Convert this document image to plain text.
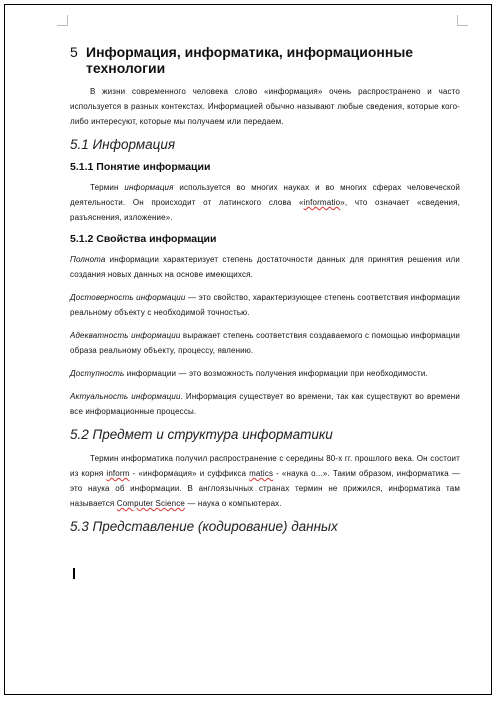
5 Информация, информатика, информационные технологии

В жизни современного человека слово «информация» очень распространено и часто используется в разных контекстах. Информацией обычно называют любые сведения, которые кого-либо интересуют, которые мы получаем или передаем.

5.1 Информация
5.1.1 Понятие информации

Термин информация используется во многих науках и во многих сферах человеческой деятельности. Он происходит от латинского слова «informatio», что означает «сведения, разъяснения, изложение».

5.1.2 Свойства информации

Полнота информации характеризует степень достаточности данных для принятия решения или создания новых данных на основе имеющихся.

Достоверность информации — это свойство, характеризующее степень соответствия информации реальному объекту с необходимой точностью.

Адекватность информации выражает степень соответствия создаваемого с помощью информации образа реальному объекту, процессу, явлению.

Доступность информации — это возможность получения информации при необходимости.

Актуальность информации. Информация существует во времени, так как существуют во времени все информационные процессы.

5.2 Предмет и структура информатики

Термин информатика получил распространение с середины 80-х гг. прошлого века. Он состоит из корня inform - «информация» и суффикса matics - «наука о...». Таким образом, информатика — это наука об информации. В англоязычных странах термин не прижился, информатика там называется Computer Science — наука о компьютерах.

5.3 Представление (кодирование) данных
